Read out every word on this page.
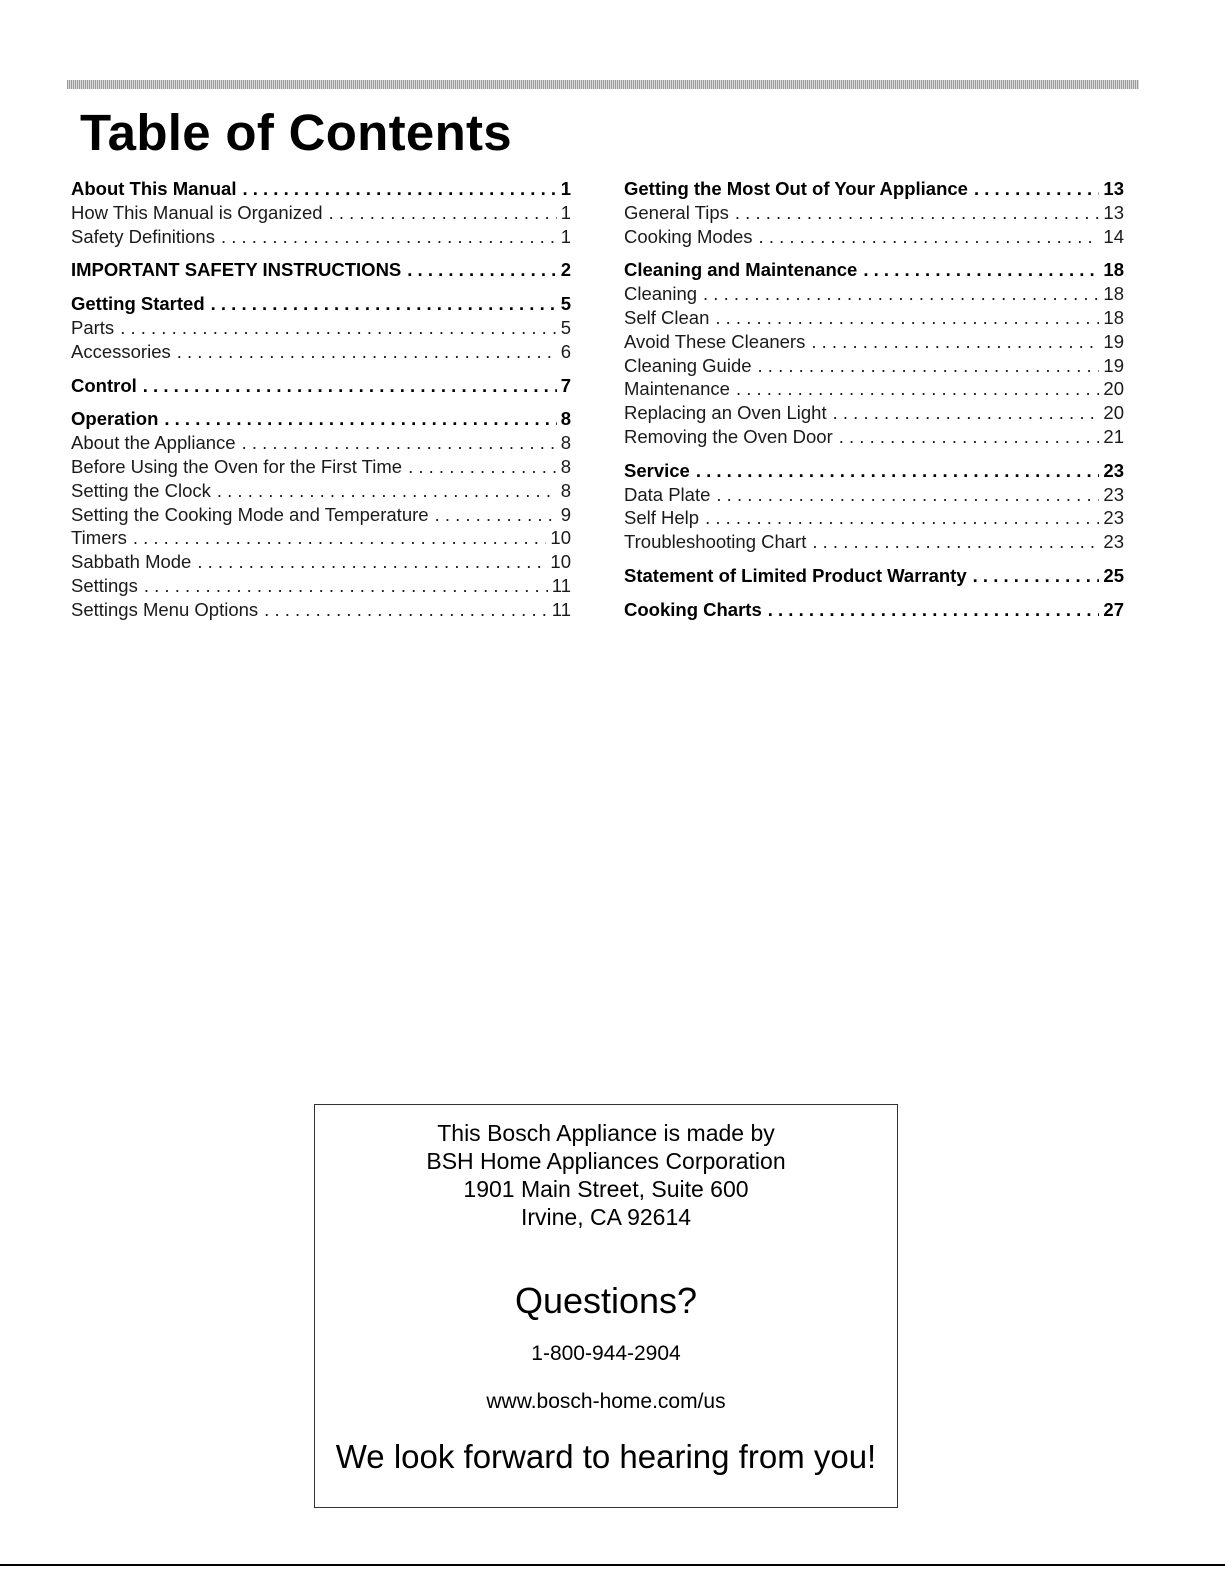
Table of Contents
About This Manual . . .	1
How This Manual is Organized . . .	1
Safety Definitions . . .	1
IMPORTANT SAFETY INSTRUCTIONS . . .	2
Getting Started . . .	5
Parts . . .	5
Accessories . . .	6
Control . . .	7
Operation . . .	8
About the Appliance . . .	8
Before Using the Oven for the First Time . . .	8
Setting the Clock . . .	8
Setting the Cooking Mode and Temperature . . .	9
Timers . . .	10
Sabbath Mode . . .	10
Settings . . .	11
Settings Menu Options . . .	11
Getting the Most Out of Your Appliance . . .	13
General Tips . . .	13
Cooking Modes . . .	14
Cleaning and Maintenance . . .	18
Cleaning . . .	18
Self Clean . . .	18
Avoid These Cleaners . . .	19
Cleaning Guide . . .	19
Maintenance . . .	20
Replacing an Oven Light . . .	20
Removing the Oven Door . . .	21
Service . . .	23
Data Plate . . .	23
Self Help . . .	23
Troubleshooting Chart . . .	23
Statement of Limited Product Warranty . . .	25
Cooking Charts . . .	27
This Bosch Appliance is made by
BSH Home Appliances Corporation
1901 Main Street, Suite 600
Irvine, CA 92614
Questions?
1-800-944-2904
www.bosch-home.com/us
We look forward to hearing from you!
